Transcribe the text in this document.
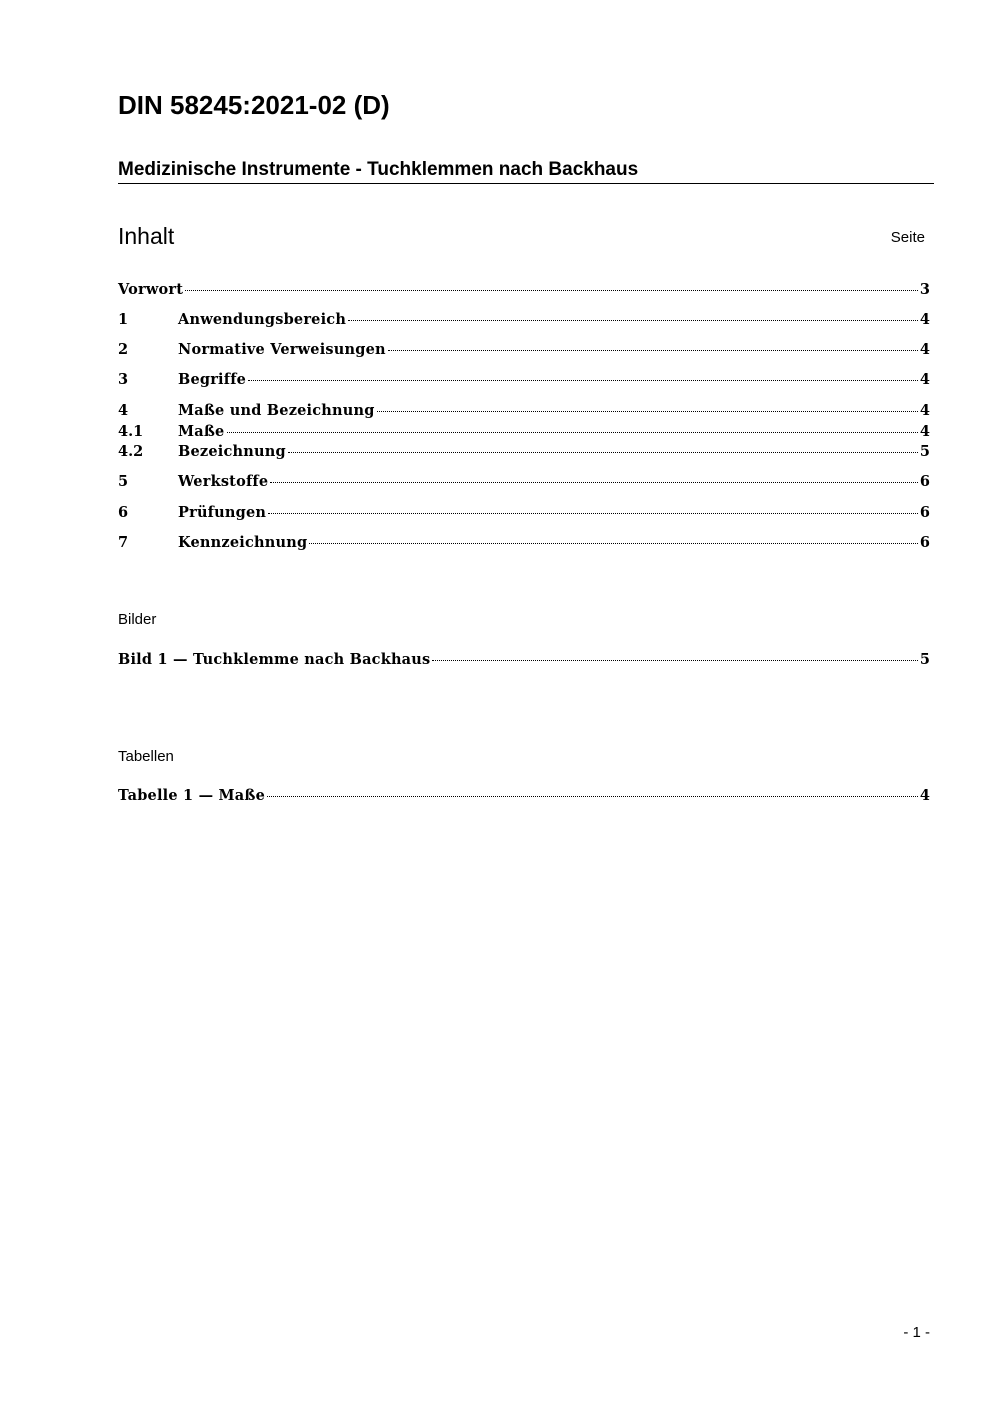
DIN 58245:2021-02 (D)
Medizinische Instrumente - Tuchklemmen nach Backhaus
Inhalt	Seite
Vorwort	3
1	Anwendungsbereich	4
2	Normative Verweisungen	4
3	Begriffe	4
4	Maße und Bezeichnung	4
4.1	Maße	4
4.2	Bezeichnung	5
5	Werkstoffe	6
6	Prüfungen	6
7	Kennzeichnung	6
Bilder
Bild 1 — Tuchklemme nach Backhaus	5
Tabellen
Tabelle 1 — Maße	4
- 1 -
